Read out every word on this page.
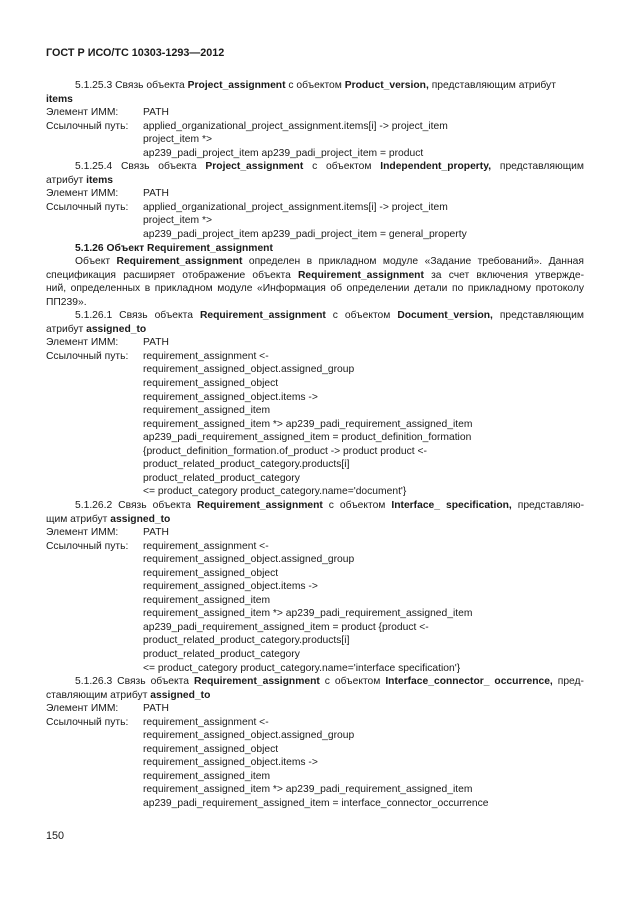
ГОСТ Р ИСО/ТС 10303-1293—2012
5.1.25.3 Связь объекта Project_assignment с объектом Product_version, представляющим атрибут
items
Элемент ИММ:	PATH
Ссылочный путь:	applied_organizational_project_assignment.items[i] -> project_item
project_item *>
ap239_padi_project_item ap239_padi_project_item = product
5.1.25.4 Связь объекта Project_assignment с объектом Independent_property, представляющим
атрибут items
Элемент ИММ:	PATH
Ссылочный путь:	applied_organizational_project_assignment.items[i] -> project_item
project_item *>
ap239_padi_project_item ap239_padi_project_item = general_property
5.1.26 Объект Requirement_assignment
Объект Requirement_assignment определен в прикладном модуле «Задание требований». Данная
спецификация расширяет отображение объекта Requirement_assignment за счет включения утвержде-
ний, определенных в прикладном модуле «Информация об определении детали по прикладному протоколу
ПП239».
5.1.26.1 Связь объекта Requirement_assignment с объектом Document_version, представляющим
атрибут assigned_to
Элемент ИММ:	PATH
Ссылочный путь:	requirement_assignment <-
requirement_assigned_object.assigned_group
requirement_assigned_object
requirement_assigned_object.items ->
requirement_assigned_item
requirement_assigned_item *> ap239_padi_requirement_assigned_item
ap239_padi_requirement_assigned_item = product_definition_formation
{product_definition_formation.of_product -> product product <-
product_related_product_category.products[i]
product_related_product_category
<= product_category product_category.name='document'}
5.1.26.2 Связь объекта Requirement_assignment с объектом Interface_ specification, представляю-
щим атрибут assigned_to
Элемент ИММ:	PATH
Ссылочный путь:	requirement_assignment <-
requirement_assigned_object.assigned_group
requirement_assigned_object
requirement_assigned_object.items ->
requirement_assigned_item
requirement_assigned_item *> ap239_padi_requirement_assigned_item
ap239_padi_requirement_assigned_item = product {product <-
product_related_product_category.products[i]
product_related_product_category
<= product_category product_category.name='interface specification'}
5.1.26.3 Связь объекта Requirement_assignment с объектом Interface_connector_ occurrence, пред-
ставляющим атрибут assigned_to
Элемент ИММ:	PATH
Ссылочный путь:	requirement_assignment <-
requirement_assigned_object.assigned_group
requirement_assigned_object
requirement_assigned_object.items ->
requirement_assigned_item
requirement_assigned_item *> ap239_padi_requirement_assigned_item
ap239_padi_requirement_assigned_item = interface_connector_occurrence
150
